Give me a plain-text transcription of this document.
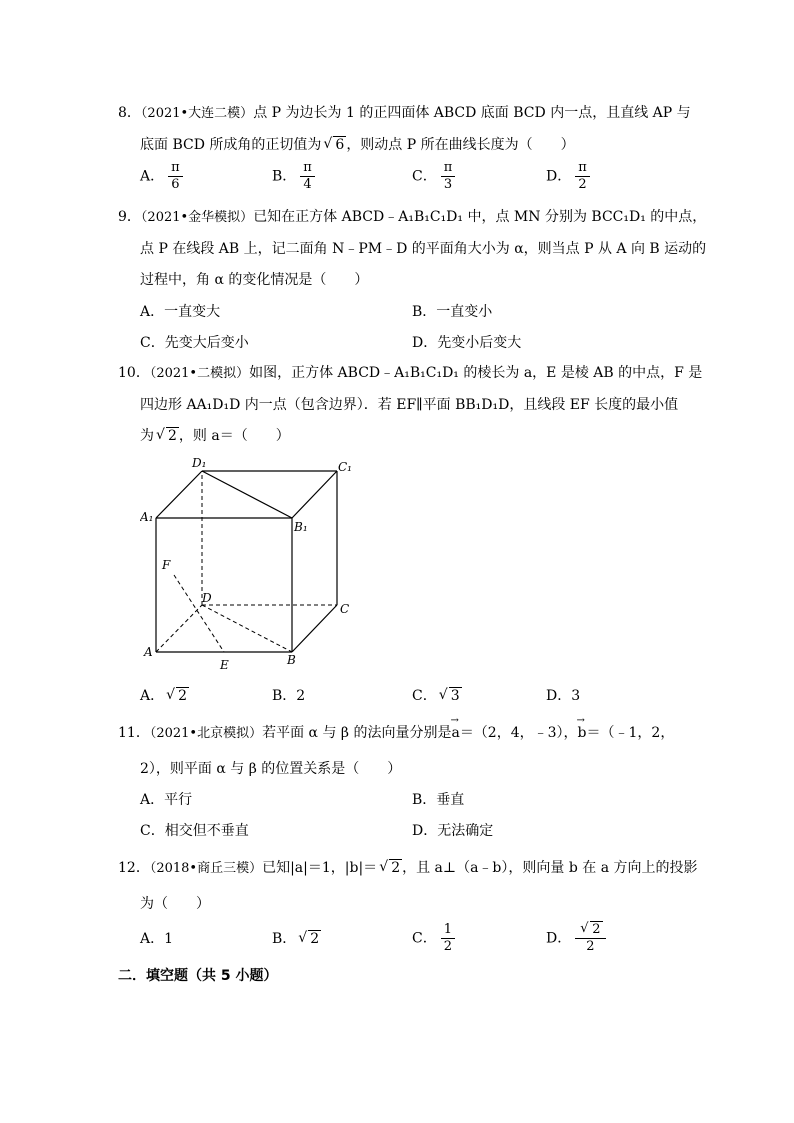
8．（2021•大连二模）点 P 为边长为 1 的正四面体 ABCD 底面 BCD 内一点，且直线 AP 与
底面 BCD 所成角的正切值为 √ 6 ，则动点 P 所在曲线长度为（　　）
A． $\frac{\pi}{6}$	B． $\frac{\pi}{4}$	C． $\frac{\pi}{3}$	D． $\frac{\pi}{2}$
9．（2021•金华模拟）已知在正方体 ABCD﹣A₁B₁C₁D₁ 中，点 MN 分别为 BCC₁D₁ 的中点，
点 P 在线段 AB 上，记二面角 N﹣PM﹣D 的平面角大小为 α，则当点 P 从 A 向 B 运动的
过程中，角 α 的变化情况是（　　）
A．一直变大	B．一直变小
C．先变大后变小	D．先变小后变大
10．（2021•二模拟）如图，正方体 ABCD﹣A₁B₁C₁D₁ 的棱长为 a，E 是棱 AB 的中点，F 是
四边形 AA₁D₁D 内一点（包含边界）．若 EF∥平面 BB₁D₁D，且线段 EF 长度的最小值
为 √ 2 ，则 a＝（　　）
D₁	C₁
A₁
B₁
F
D
C
A
E	B
A． √ 2	B．2	C． √ 3	D．3
11．（2021•北京模拟）若平面 α 与 β 的法向量分别是→ a＝（2，4，﹣3），→ b＝（﹣1，2，
2），则平面 α 与 β 的位置关系是（　　）
A．平行	B．垂直
C．相交但不垂直	D．无法确定
12．（2018•商丘三模）已知|a|＝1，|b|＝ √ 2 ，且 a⊥（a﹣b），则向量 b 在 a 方向上的投影
为（　　）
A．1	B． √ 2	C． $\frac{1}{2}$	D． √ $\frac{2}{2}$
二．填空题（共 5 小题）
